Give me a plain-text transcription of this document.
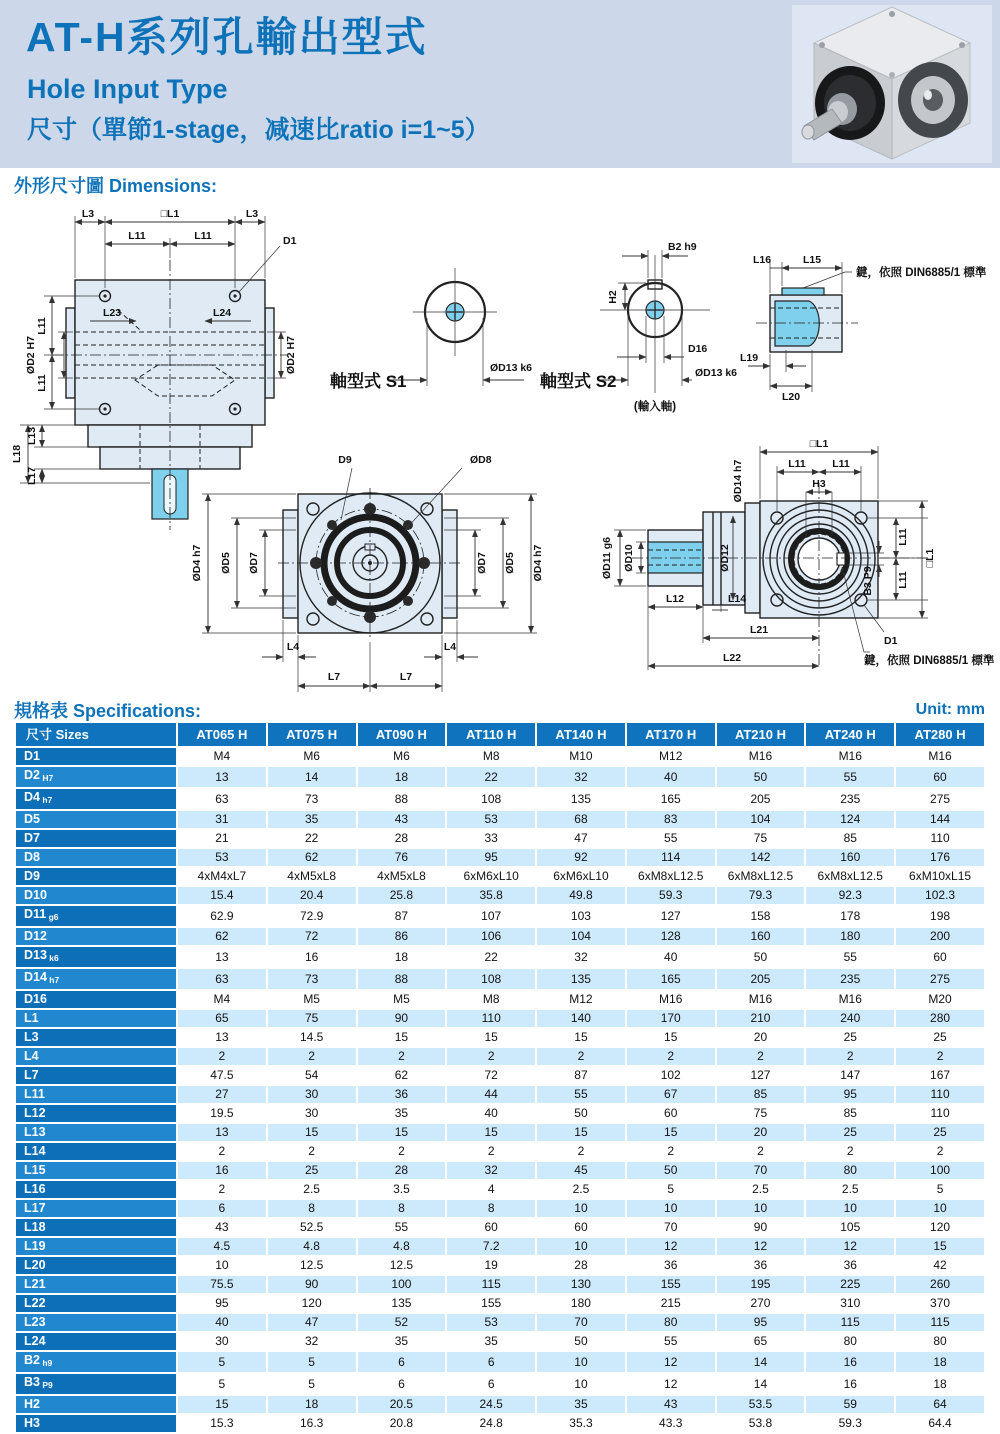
AT-H系列孔輸出型式
Hole Input Type
尺寸（單節1-stage，减速比ratio i=1~5）
外形尺寸圖 Dimensions:
L3	□L1	L3
L11	L11	D1
L23	L24
ØD2 H7
L11
L11
ØD2 H7
L13
L17
L18
軸型式 S1
ØD13 k6
B2 h9
H2
D16
ØD13 k6
軸型式 S2
(輸入軸)
L16	L15
鍵，依照 DIN6885/1 標準
L19
L20
D9	ØD8
ØD4 h7 ØD5 ØD7	ØD7 ØD5 ØD4 h7
L4	L4
L7	L7
□L1
L11	L11
H3
ØD14 h7
ØD11 g6 ØD10	ØD12
L11
L11
□L1
B3 P9
L12	L14
L21
L22
D1
鍵，依照 DIN6885/1 標準
規格表 Specifications:	Unit: mm
尺寸 Sizes	AT065 H	AT075 H	AT090 H	AT110 H	AT140 H	AT170 H	AT210 H	AT240 H	AT280 H
D1	M4	M6	M6	M8	M10	M12	M16	M16	M16
D2 $_{H7}$	13	14	18	22	32	40	50	55	60
D4 $_{h7}$	63	73	88	108	135	165	205	235	275
D5	31	35	43	53	68	83	104	124	144
D7	21	22	28	33	47	55	75	85	110
D8	53	62	76	95	92	114	142	160	176
D9	4xM4xL7	4xM5xL8	4xM5xL8	6xM6xL10	6xM6xL10	6xM8xL12.5	6xM8xL12.5	6xM8xL12.5	6xM10xL15
D10	15.4	20.4	25.8	35.8	49.8	59.3	79.3	92.3	102.3
D11 $_{g6}$	62.9	72.9	87	107	103	127	158	178	198
D12	62	72	86	106	104	128	160	180	200
D13 $_{k6}$	13	16	18	22	32	40	50	55	60
D14 $_{h7}$	63	73	88	108	135	165	205	235	275
D16	M4	M5	M5	M8	M12	M16	M16	M16	M20
L1	65	75	90	110	140	170	210	240	280
L3	13	14.5	15	15	15	15	20	25	25
L4	2	2	2	2	2	2	2	2	2
L7	47.5	54	62	72	87	102	127	147	167
L11	27	30	36	44	55	67	85	95	110
L12	19.5	30	35	40	50	60	75	85	110
L13	13	15	15	15	15	15	20	25	25
L14	2	2	2	2	2	2	2	2	2
L15	16	25	28	32	45	50	70	80	100
L16	2	2.5	3.5	4	2.5	5	2.5	2.5	5
L17	6	8	8	8	10	10	10	10	10
L18	43	52.5	55	60	60	70	90	105	120
L19	4.5	4.8	4.8	7.2	10	12	12	12	15
L20	10	12.5	12.5	19	28	36	36	36	42
L21	75.5	90	100	115	130	155	195	225	260
L22	95	120	135	155	180	215	270	310	370
L23	40	47	52	53	70	80	95	115	115
L24	30	32	35	35	50	55	65	80	80
B2 $_{h9}$	5	5	6	6	10	12	14	16	18
B3 $_{P9}$	5	5	6	6	10	12	14	16	18
H2	15	18	20.5	24.5	35	43	53.5	59	64
H3	15.3	16.3	20.8	24.8	35.3	43.3	53.8	59.3	64.4
